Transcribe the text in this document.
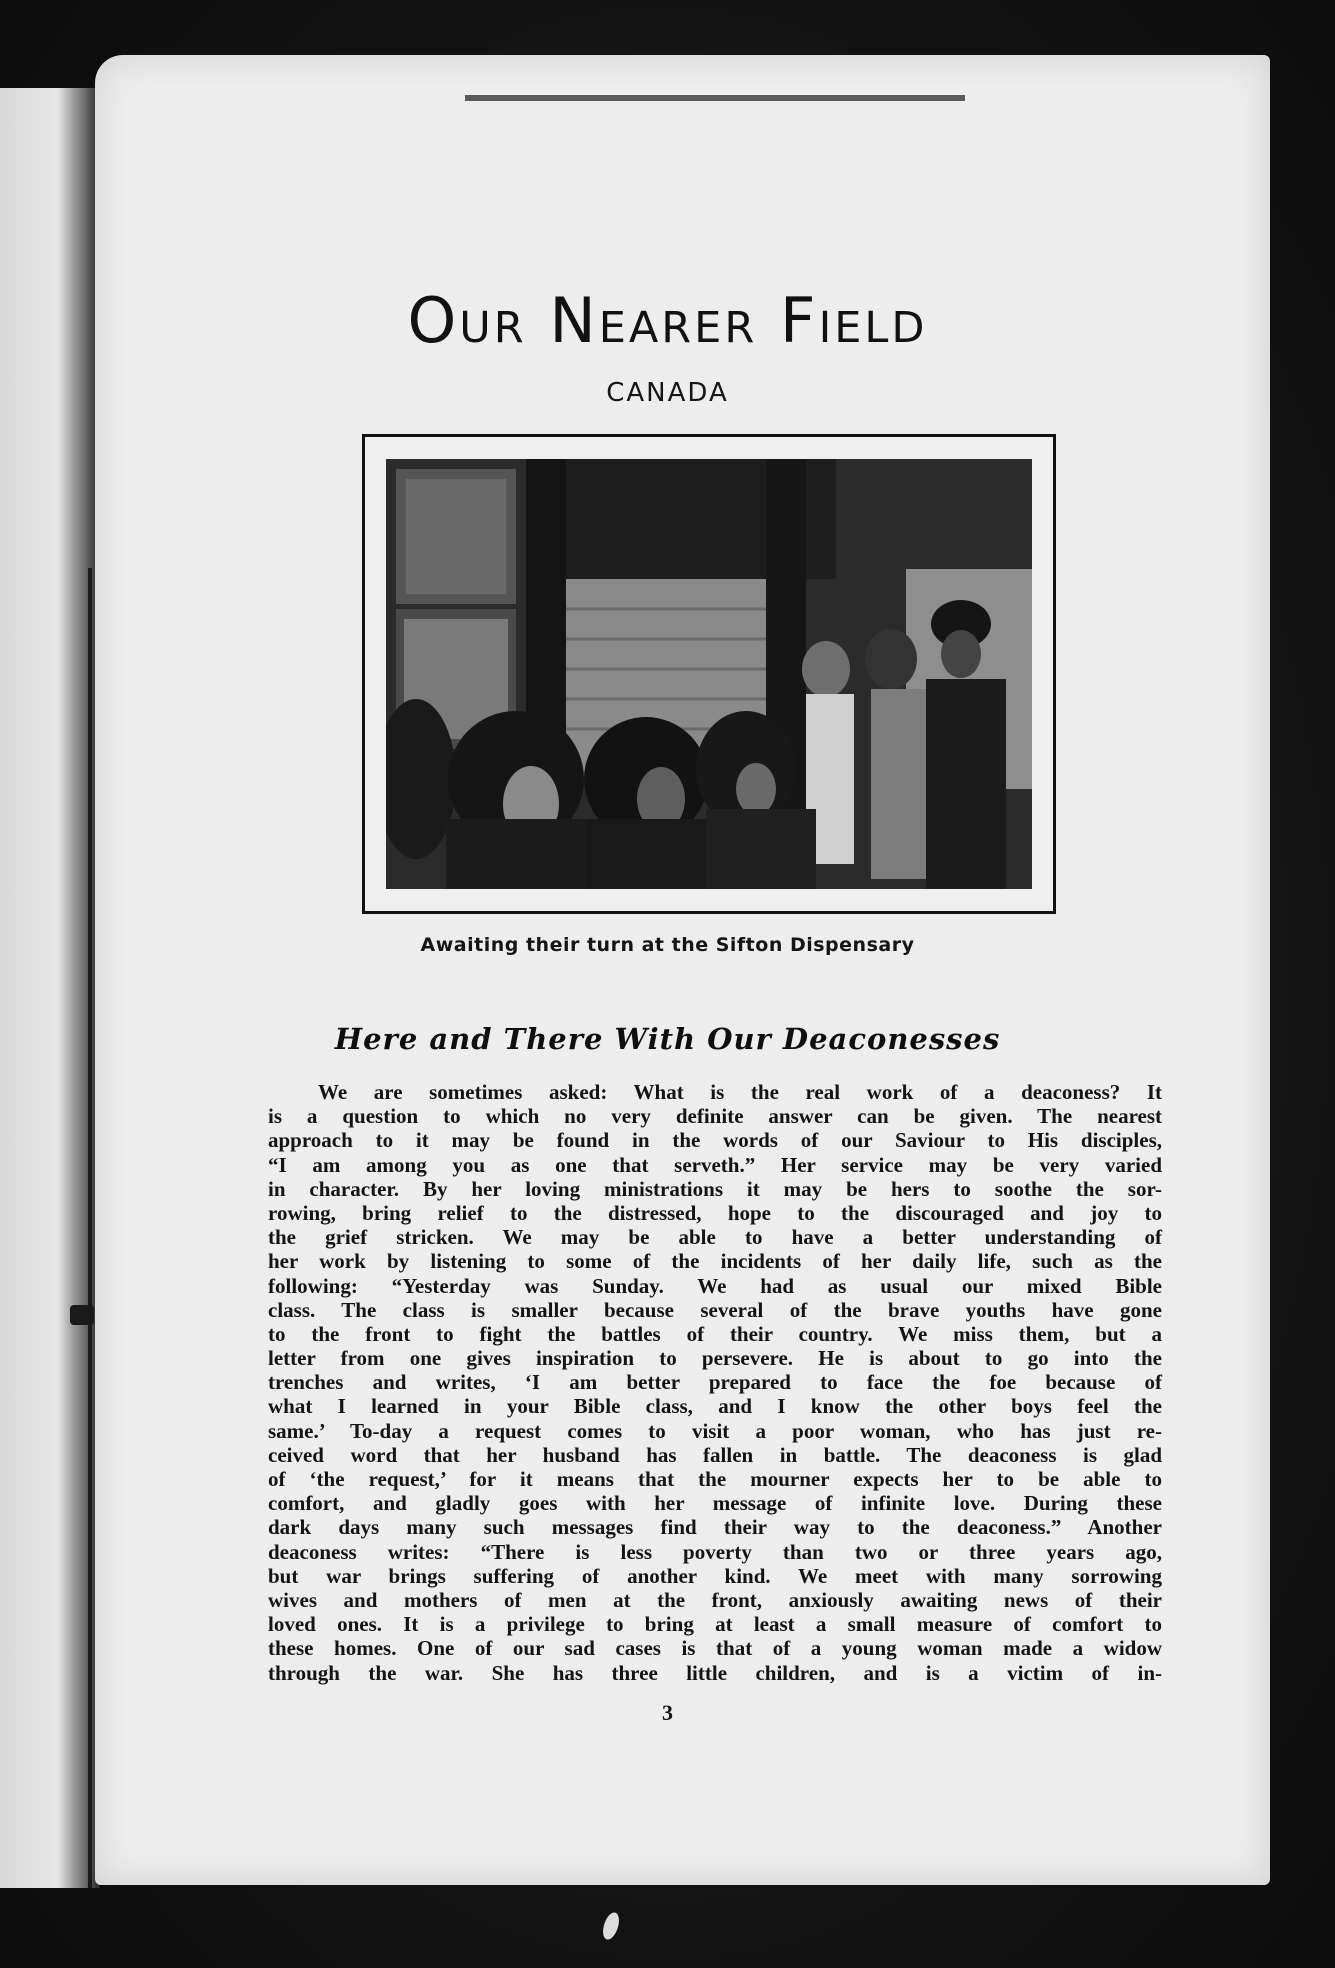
Our Nearer Field
CANADA
Awaiting their turn at the Sifton Dispensary
Here and There With Our Deaconesses
We are sometimes asked: What is the real work of a deaconess? It
is a question to which no very definite answer can be given. The nearest
approach to it may be found in the words of our Saviour to His disciples,
“I am among you as one that serveth.” Her service may be very varied
in character. By her loving ministrations it may be hers to soothe the sor-
rowing, bring relief to the distressed, hope to the discouraged and joy to
the grief stricken. We may be able to have a better understanding of
her work by listening to some of the incidents of her daily life, such as the
following: “Yesterday was Sunday. We had as usual our mixed Bible
class. The class is smaller because several of the brave youths have gone
to the front to fight the battles of their country. We miss them, but a
letter from one gives inspiration to persevere. He is about to go into the
trenches and writes, ‘I am better prepared to face the foe because of
what I learned in your Bible class, and I know the other boys feel the
same.’ To-day a request comes to visit a poor woman, who has just re-
ceived word that her husband has fallen in battle. The deaconess is glad
of ‘the request,’ for it means that the mourner expects her to be able to
comfort, and gladly goes with her message of infinite love. During these
dark days many such messages find their way to the deaconess.” Another
deaconess writes: “There is less poverty than two or three years ago,
but war brings suffering of another kind. We meet with many sorrowing
wives and mothers of men at the front, anxiously awaiting news of their
loved ones. It is a privilege to bring at least a small measure of comfort to
these homes. One of our sad cases is that of a young woman made a widow
through the war. She has three little children, and is a victim of in-
3
